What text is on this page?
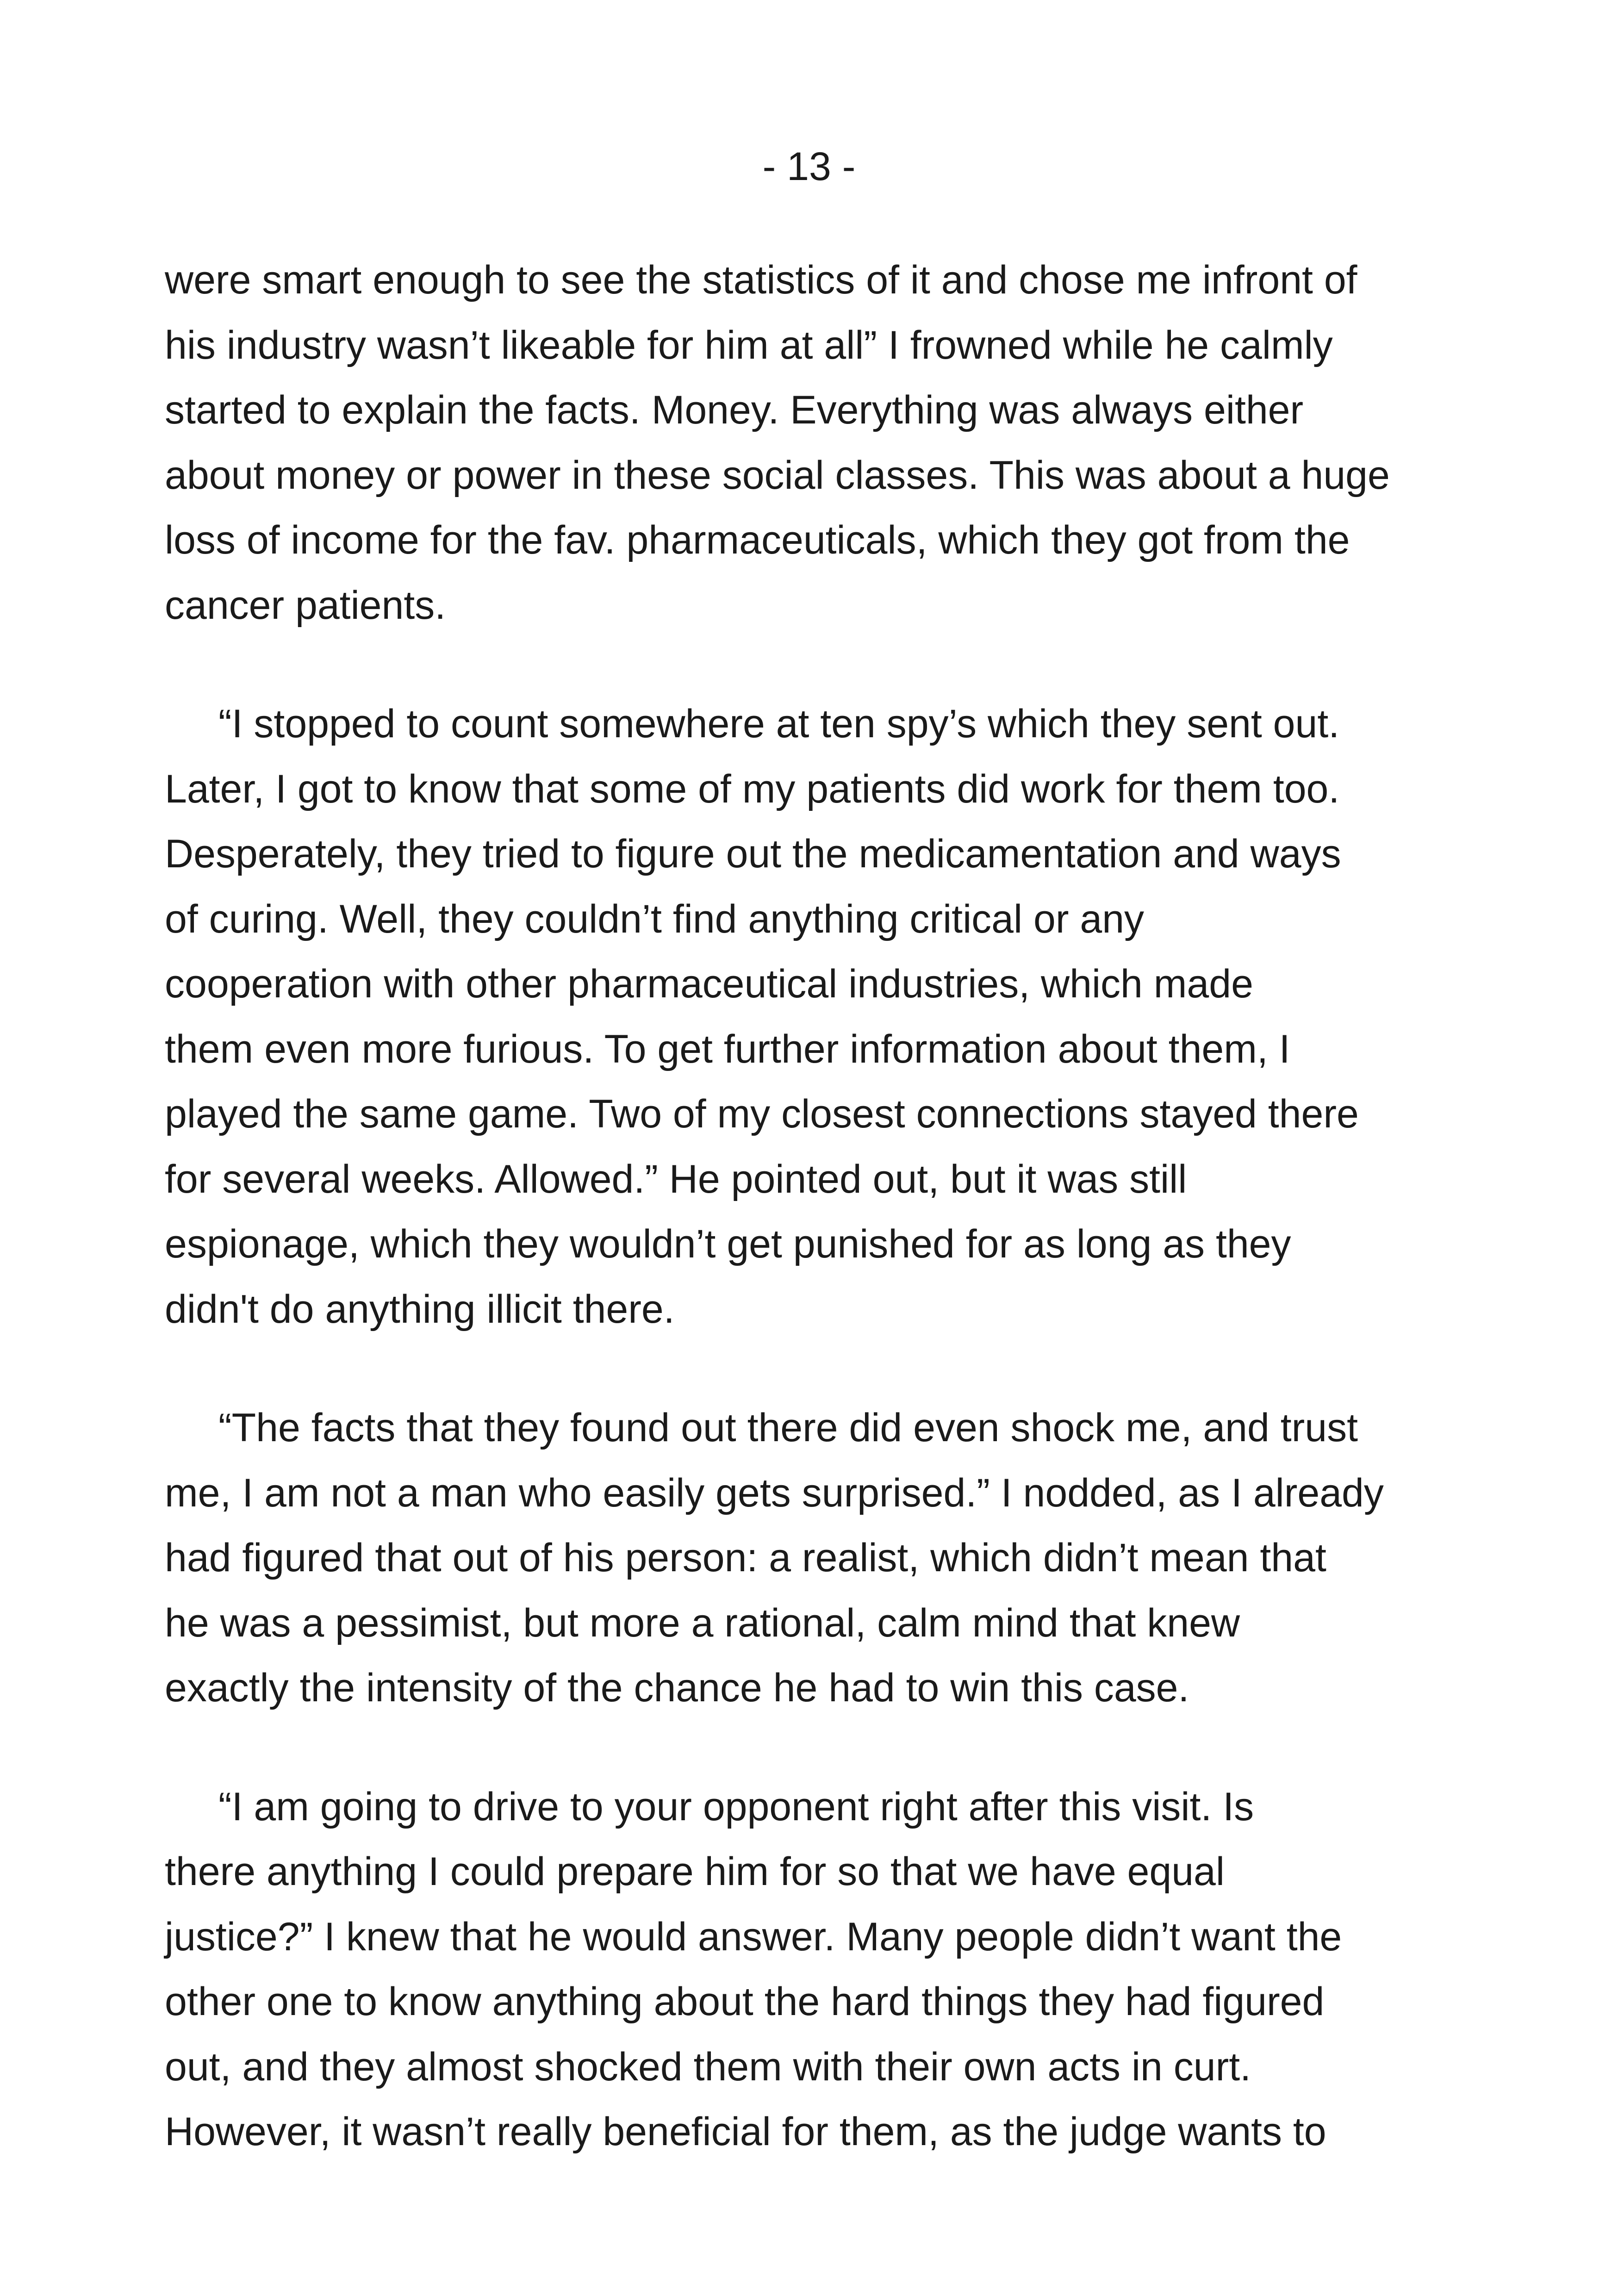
- 13 -

were smart enough to see the statistics of it and chose me infront of
his industry wasn’t likeable for him at all” I frowned while he calmly
started to explain the facts. Money. Everything was always either
about money or power in these social classes. This was about a huge
loss of income for the fav. pharmaceuticals, which they got from the
cancer patients.

“I stopped to count somewhere at ten spy’s which they sent out.
Later, I got to know that some of my patients did work for them too.
Desperately, they tried to figure out the medicamentation and ways
of curing. Well, they couldn’t find anything critical or any
cooperation with other pharmaceutical industries, which made
them even more furious. To get further information about them, I
played the same game. Two of my closest connections stayed there
for several weeks. Allowed.” He pointed out, but it was still
espionage, which they wouldn’t get punished for as long as they
didn't do anything illicit there.

“The facts that they found out there did even shock me, and trust
me, I am not a man who easily gets surprised.” I nodded, as I already
had figured that out of his person: a realist, which didn’t mean that
he was a pessimist, but more a rational, calm mind that knew
exactly the intensity of the chance he had to win this case.

“I am going to drive to your opponent right after this visit. Is
there anything I could prepare him for so that we have equal
justice?” I knew that he would answer. Many people didn’t want the
other one to know anything about the hard things they had figured
out, and they almost shocked them with their own acts in curt.
However, it wasn’t really beneficial for them, as the judge wants to
